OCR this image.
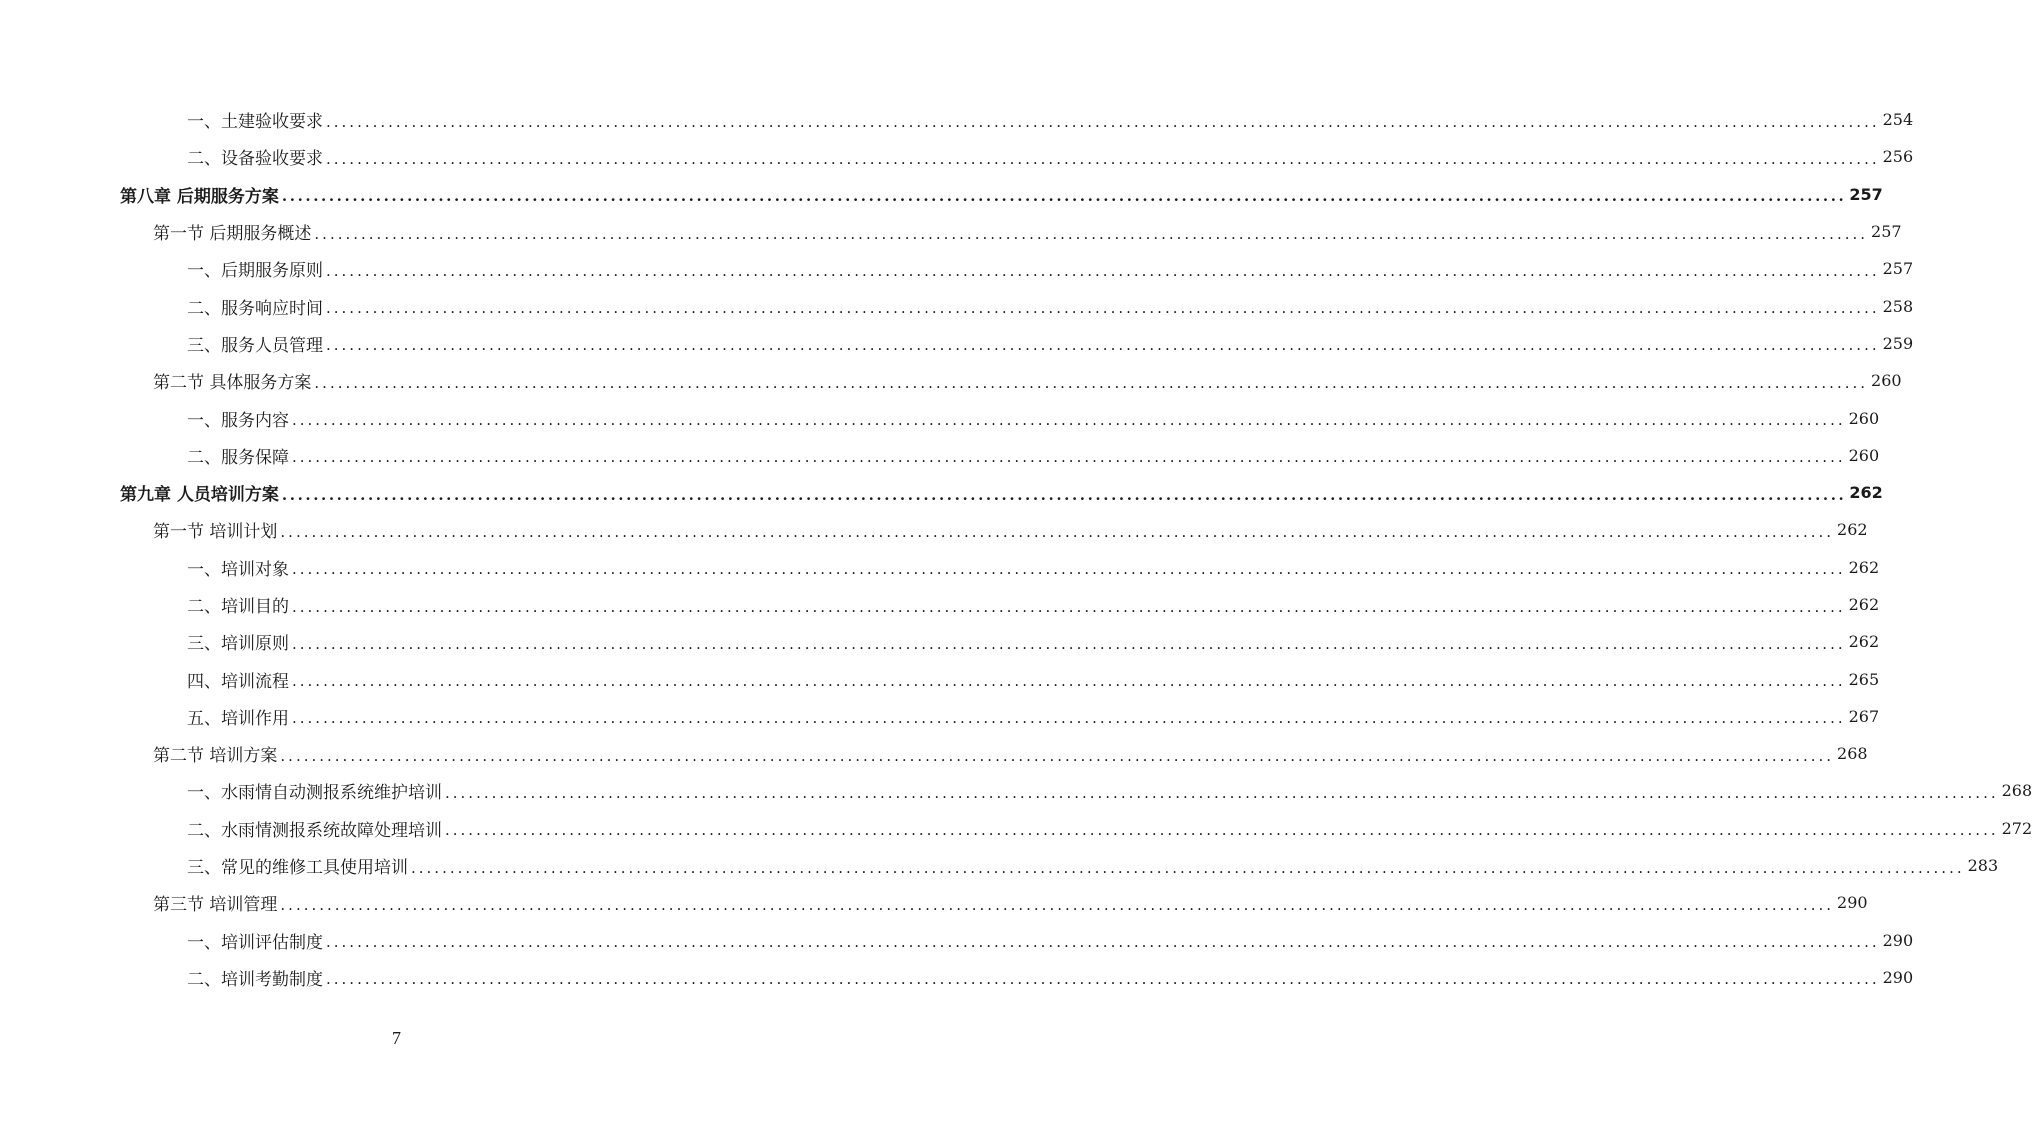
一、土建验收要求 ........................................................................................................................................................................................................ 254
二、设备验收要求 ........................................................................................................................................................................................................ 256
第八章 后期服务方案 ........................................................................................................................................................................................................ 257
第一节 后期服务概述 ........................................................................................................................................................................................................ 257
一、后期服务原则 ........................................................................................................................................................................................................ 257
二、服务响应时间 ........................................................................................................................................................................................................ 258
三、服务人员管理 ........................................................................................................................................................................................................ 259
第二节 具体服务方案 ........................................................................................................................................................................................................ 260
一、服务内容 ........................................................................................................................................................................................................ 260
二、服务保障 ........................................................................................................................................................................................................ 260
第九章 人员培训方案 ........................................................................................................................................................................................................ 262
第一节 培训计划 ........................................................................................................................................................................................................ 262
一、培训对象 ........................................................................................................................................................................................................ 262
二、培训目的 ........................................................................................................................................................................................................ 262
三、培训原则 ........................................................................................................................................................................................................ 262
四、培训流程 ........................................................................................................................................................................................................ 265
五、培训作用 ........................................................................................................................................................................................................ 267
第二节 培训方案 ........................................................................................................................................................................................................ 268
一、水雨情自动测报系统维护培训 ........................................................................................................................................................................................................ 268
二、水雨情测报系统故障处理培训 ........................................................................................................................................................................................................ 272
三、常见的维修工具使用培训 ........................................................................................................................................................................................................ 283
第三节 培训管理 ........................................................................................................................................................................................................ 290
一、培训评估制度 ........................................................................................................................................................................................................ 290
二、培训考勤制度 ........................................................................................................................................................................................................ 290
7
